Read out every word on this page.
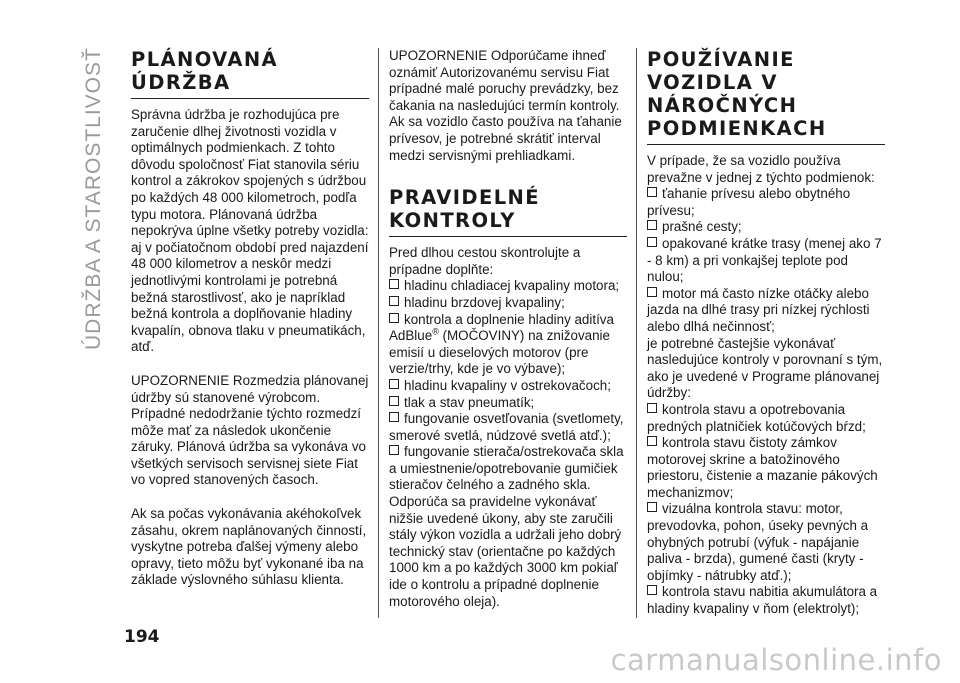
ÚDRŽBA A STAROSTLIVOSŤ
194
PLÁNOVANÁ
ÚDRŽBA

Správna údržba je rozhodujúca pre zaručenie dlhej životnosti vozidla v optimálnych podmienkach. Z tohto dôvodu spoločnosť Fiat stanovila sériu kontrol a zákrokov spojených s údržbou po každých 48 000 kilometroch, podľa typu motora. Plánovaná údržba nepokrýva úplne všetky potreby vozidla: aj v počiatočnom období pred najazdení 48 000 kilometrov a neskôr medzi jednotlivými kontrolami je potrebná bežná starostlivosť, ako je napríklad bežná kontrola a doplňovanie hladiny kvapalín, obnova tlaku v pneumatikách, atď.

UPOZORNENIE Rozmedzia plánovanej údržby sú stanovené výrobcom. Prípadné nedodržanie týchto rozmedzí môže mať za následok ukončenie záruky. Plánová údržba sa vykonáva vo všetkých servisoch servisnej siete Fiat vo vopred stanovených časoch.

Ak sa počas vykonávania akéhokoľvek zásahu, okrem naplánovaných činností, vyskytne potreba ďalšej výmeny alebo opravy, tieto môžu byť vykonané iba na základe výslovného súhlasu klienta.

UPOZORNENIE Odporúčame ihneď oznámiť Autorizovanému servisu Fiat prípadné malé poruchy prevádzky, bez čakania na nasledujúci termín kontroly. Ak sa vozidlo často používa na ťahanie prívesov, je potrebné skrátiť interval medzi servisnými prehliadkami.

PRAVIDELNÉ
KONTROLY

Pred dlhou cestou skontrolujte a prípadne doplňte:

hladinu chladiacej kvapaliny motora;
hladinu brzdovej kvapaliny;
kontrola a doplnenie hladiny aditíva AdBlue® (MOČOVINY) na znižovanie emisií u dieselových motorov (pre verzie/trhy, kde je vo výbave);
hladinu kvapaliny v ostrekovačoch;
tlak a stav pneumatík;
fungovanie osvetľovania (svetlomety, smerové svetlá, núdzové svetlá atď.);
fungovanie stierača/ostrekovača skla a umiestnenie/opotrebovanie gumičiek stieračov čelného a zadného skla.

Odporúča sa pravidelne vykonávať nižšie uvedené úkony, aby ste zaručili stály výkon vozidla a udržali jeho dobrý technický stav (orientačne po každých 1000 km a po každých 3000 km pokiaľ ide o kontrolu a prípadné doplnenie motorového oleja).

POUŽÍVANIE
VOZIDLA V
NÁROČNÝCH
PODMIENKACH

V prípade, že sa vozidlo používa prevažne v jednej z týchto podmienok:

ťahanie prívesu alebo obytného prívesu;
prašné cesty;
opakované krátke trasy (menej ako 7 - 8 km) a pri vonkajšej teplote pod nulou;
motor má často nízke otáčky alebo jazda na dlhé trasy pri nízkej rýchlosti alebo dlhá nečinnosť;

je potrebné častejšie vykonávať nasledujúce kontroly v porovnaní s tým, ako je uvedené v Programe plánovanej údržby:

kontrola stavu a opotrebovania predných platničiek kotúčových bŕzd;
kontrola stavu čistoty zámkov motorovej skrine a batožinového priestoru, čistenie a mazanie pákových mechanizmov;
vizuálna kontrola stavu: motor, prevodovka, pohon, úseky pevných a ohybných potrubí (výfuk - napájanie paliva - brzda), gumené časti (kryty - objímky - nátrubky atď.);
kontrola stavu nabitia akumulátora a hladiny kvapaliny v ňom (elektrolyt);
carmanualsonline.info
